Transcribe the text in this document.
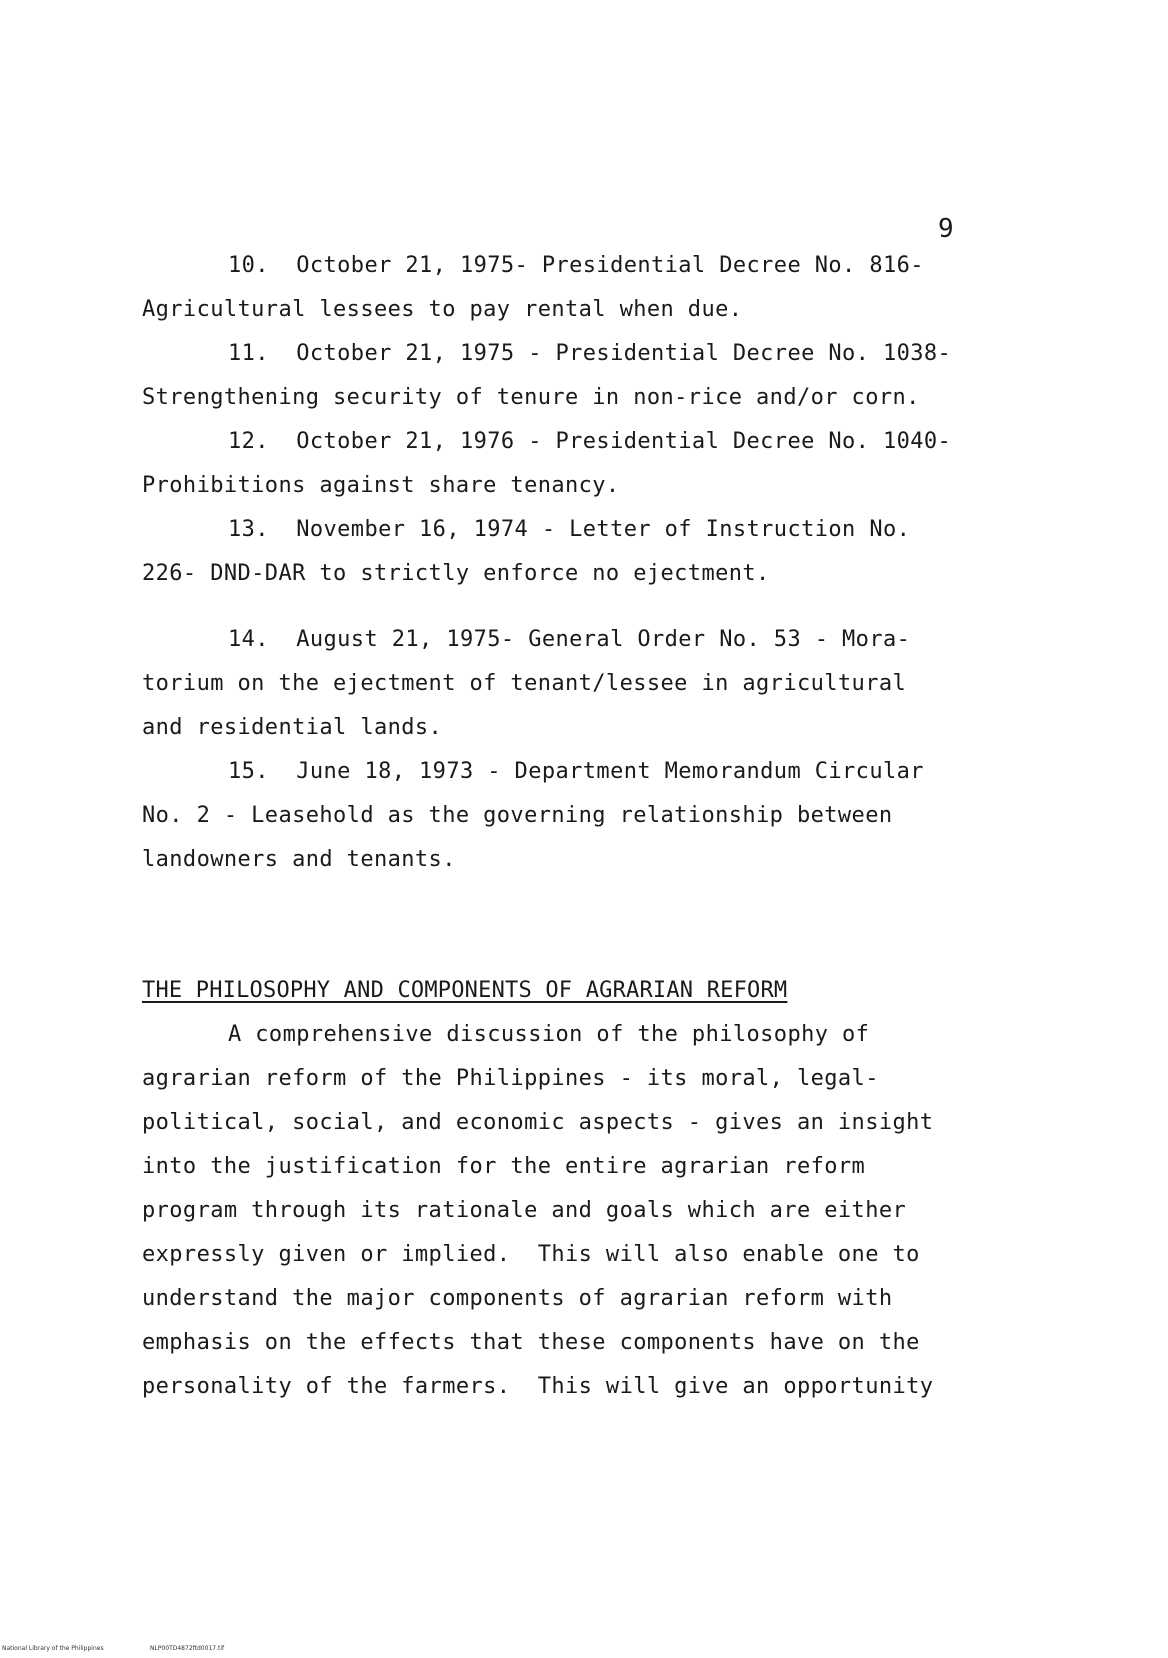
9
10.  October 21, 1975- Presidential Decree No. 816-
Agricultural lessees to pay rental when due.
11.  October 21, 1975 - Presidential Decree No. 1038-
Strengthening security of tenure in non-rice and/or corn.
12.  October 21, 1976 - Presidential Decree No. 1040-
Prohibitions against share tenancy.
13.  November 16, 1974 - Letter of Instruction No.
226- DND-DAR to strictly enforce no ejectment.
14.  August 21, 1975- General Order No. 53 - Mora-
torium on the ejectment of tenant/lessee in agricultural
and residential lands.
15.  June 18, 1973 - Department Memorandum Circular
No. 2 - Leasehold as the governing relationship between
landowners and tenants.
THE PHILOSOPHY AND COMPONENTS OF AGRARIAN REFORM
A comprehensive discussion of the philosophy of
agrarian reform of the Philippines - its moral, legal-
political, social, and economic aspects - gives an insight
into the justification for the entire agrarian reform
program through its rationale and goals which are either
expressly given or implied.  This will also enable one to
understand the major components of agrarian reform with
emphasis on the effects that these components have on the
personality of the farmers.  This will give an opportunity
National Library of the Philippines	NLP00TD4872ftd0017.tif
